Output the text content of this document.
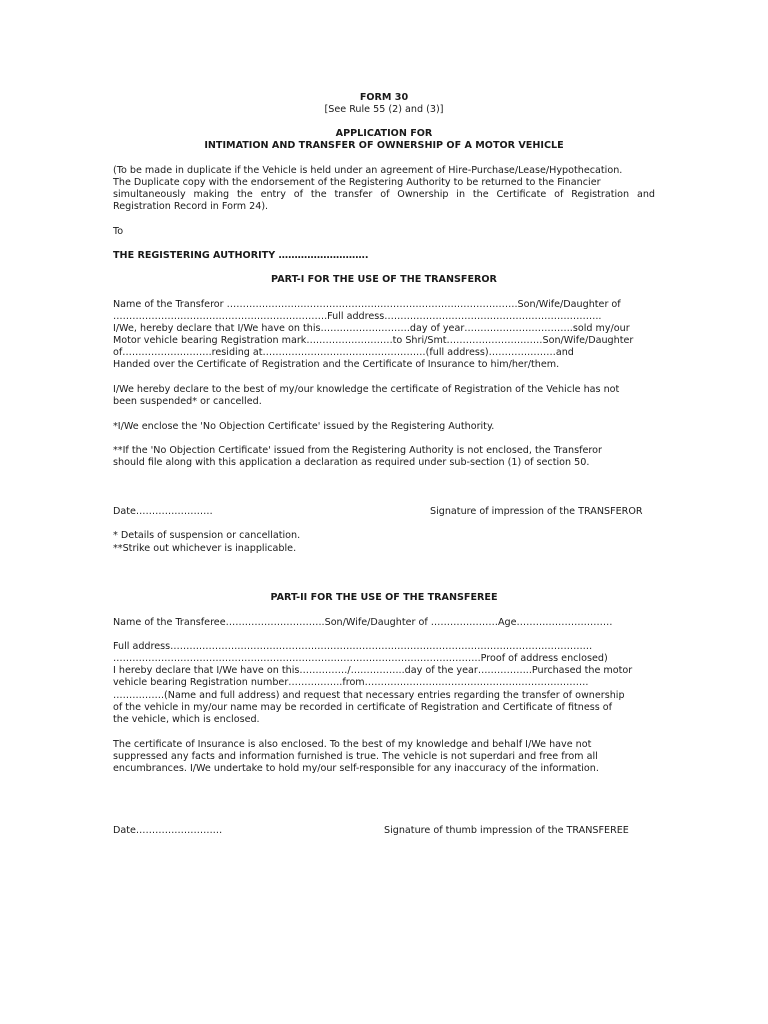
FORM 30
[See Rule 55 (2) and (3)]
APPLICATION FOR
INTIMATION AND TRANSFER OF OWNERSHIP OF A MOTOR VEHICLE
(To be made in duplicate if the Vehicle is held under an agreement of Hire-Purchase/Lease/Hypothecation.
The Duplicate copy with the endorsement of the Registering Authority to be returned to the Financier
simultaneously making the entry of the transfer of Ownership in the Certificate of Registration and
Registration Record in Form 24).
To
THE REGISTERING AUTHORITY ……………………….
PART-I FOR THE USE OF THE TRANSFEROR
Name of the Transferor ……………………………………………………………………………….Son/Wife/Daughter of
………………………………………………………….Full address…………………………………………………………..
I/We, hereby declare that I/We have on this……………………….day of year…………………………….sold my/our
Motor vehicle bearing Registration mark………………………to Shri/Smt…………………………Son/Wife/Daughter
of……………………….residing at……………………………………………(full address)…………………and
Handed over the Certificate of Registration and the Certificate of Insurance to him/her/them.
I/We hereby declare to the best of my/our knowledge the certificate of Registration of the Vehicle has not
been suspended* or cancelled.
*I/We enclose the 'No Objection Certificate' issued by the Registering Authority.
**If the 'No Objection Certificate' issued from the Registering Authority is not enclosed, the Transferor
should file along with this application a declaration as required under sub-section (1) of section 50.
Date……………………	Signature of impression of the TRANSFEROR
* Details of suspension or cancellation.
**Strike out whichever is inapplicable.
PART-II FOR THE USE OF THE TRANSFEREE
Name of the Transferee………………………….Son/Wife/Daughter of …………………Age…………………………
Full address……………………………………………………………………………………………………………………
…………………………………………………………………………………………………….Proof of address enclosed)
I hereby declare that I/We have on this……………/……………..day of the year……………..Purchased the motor
vehicle bearing Registration number……………..from…………………………………………………………….
…………….(Name and full address) and request that necessary entries regarding the transfer of ownership
of the vehicle in my/our name may be recorded in certificate of Registration and Certificate of fitness of
the vehicle, which is enclosed.
The certificate of Insurance is also enclosed. To the best of my knowledge and behalf I/We have not
suppressed any facts and information furnished is true. The vehicle is not superdari and free from all
encumbrances. I/We undertake to hold my/our self-responsible for any inaccuracy of the information.
Date………………………	Signature of thumb impression of the TRANSFEREE
